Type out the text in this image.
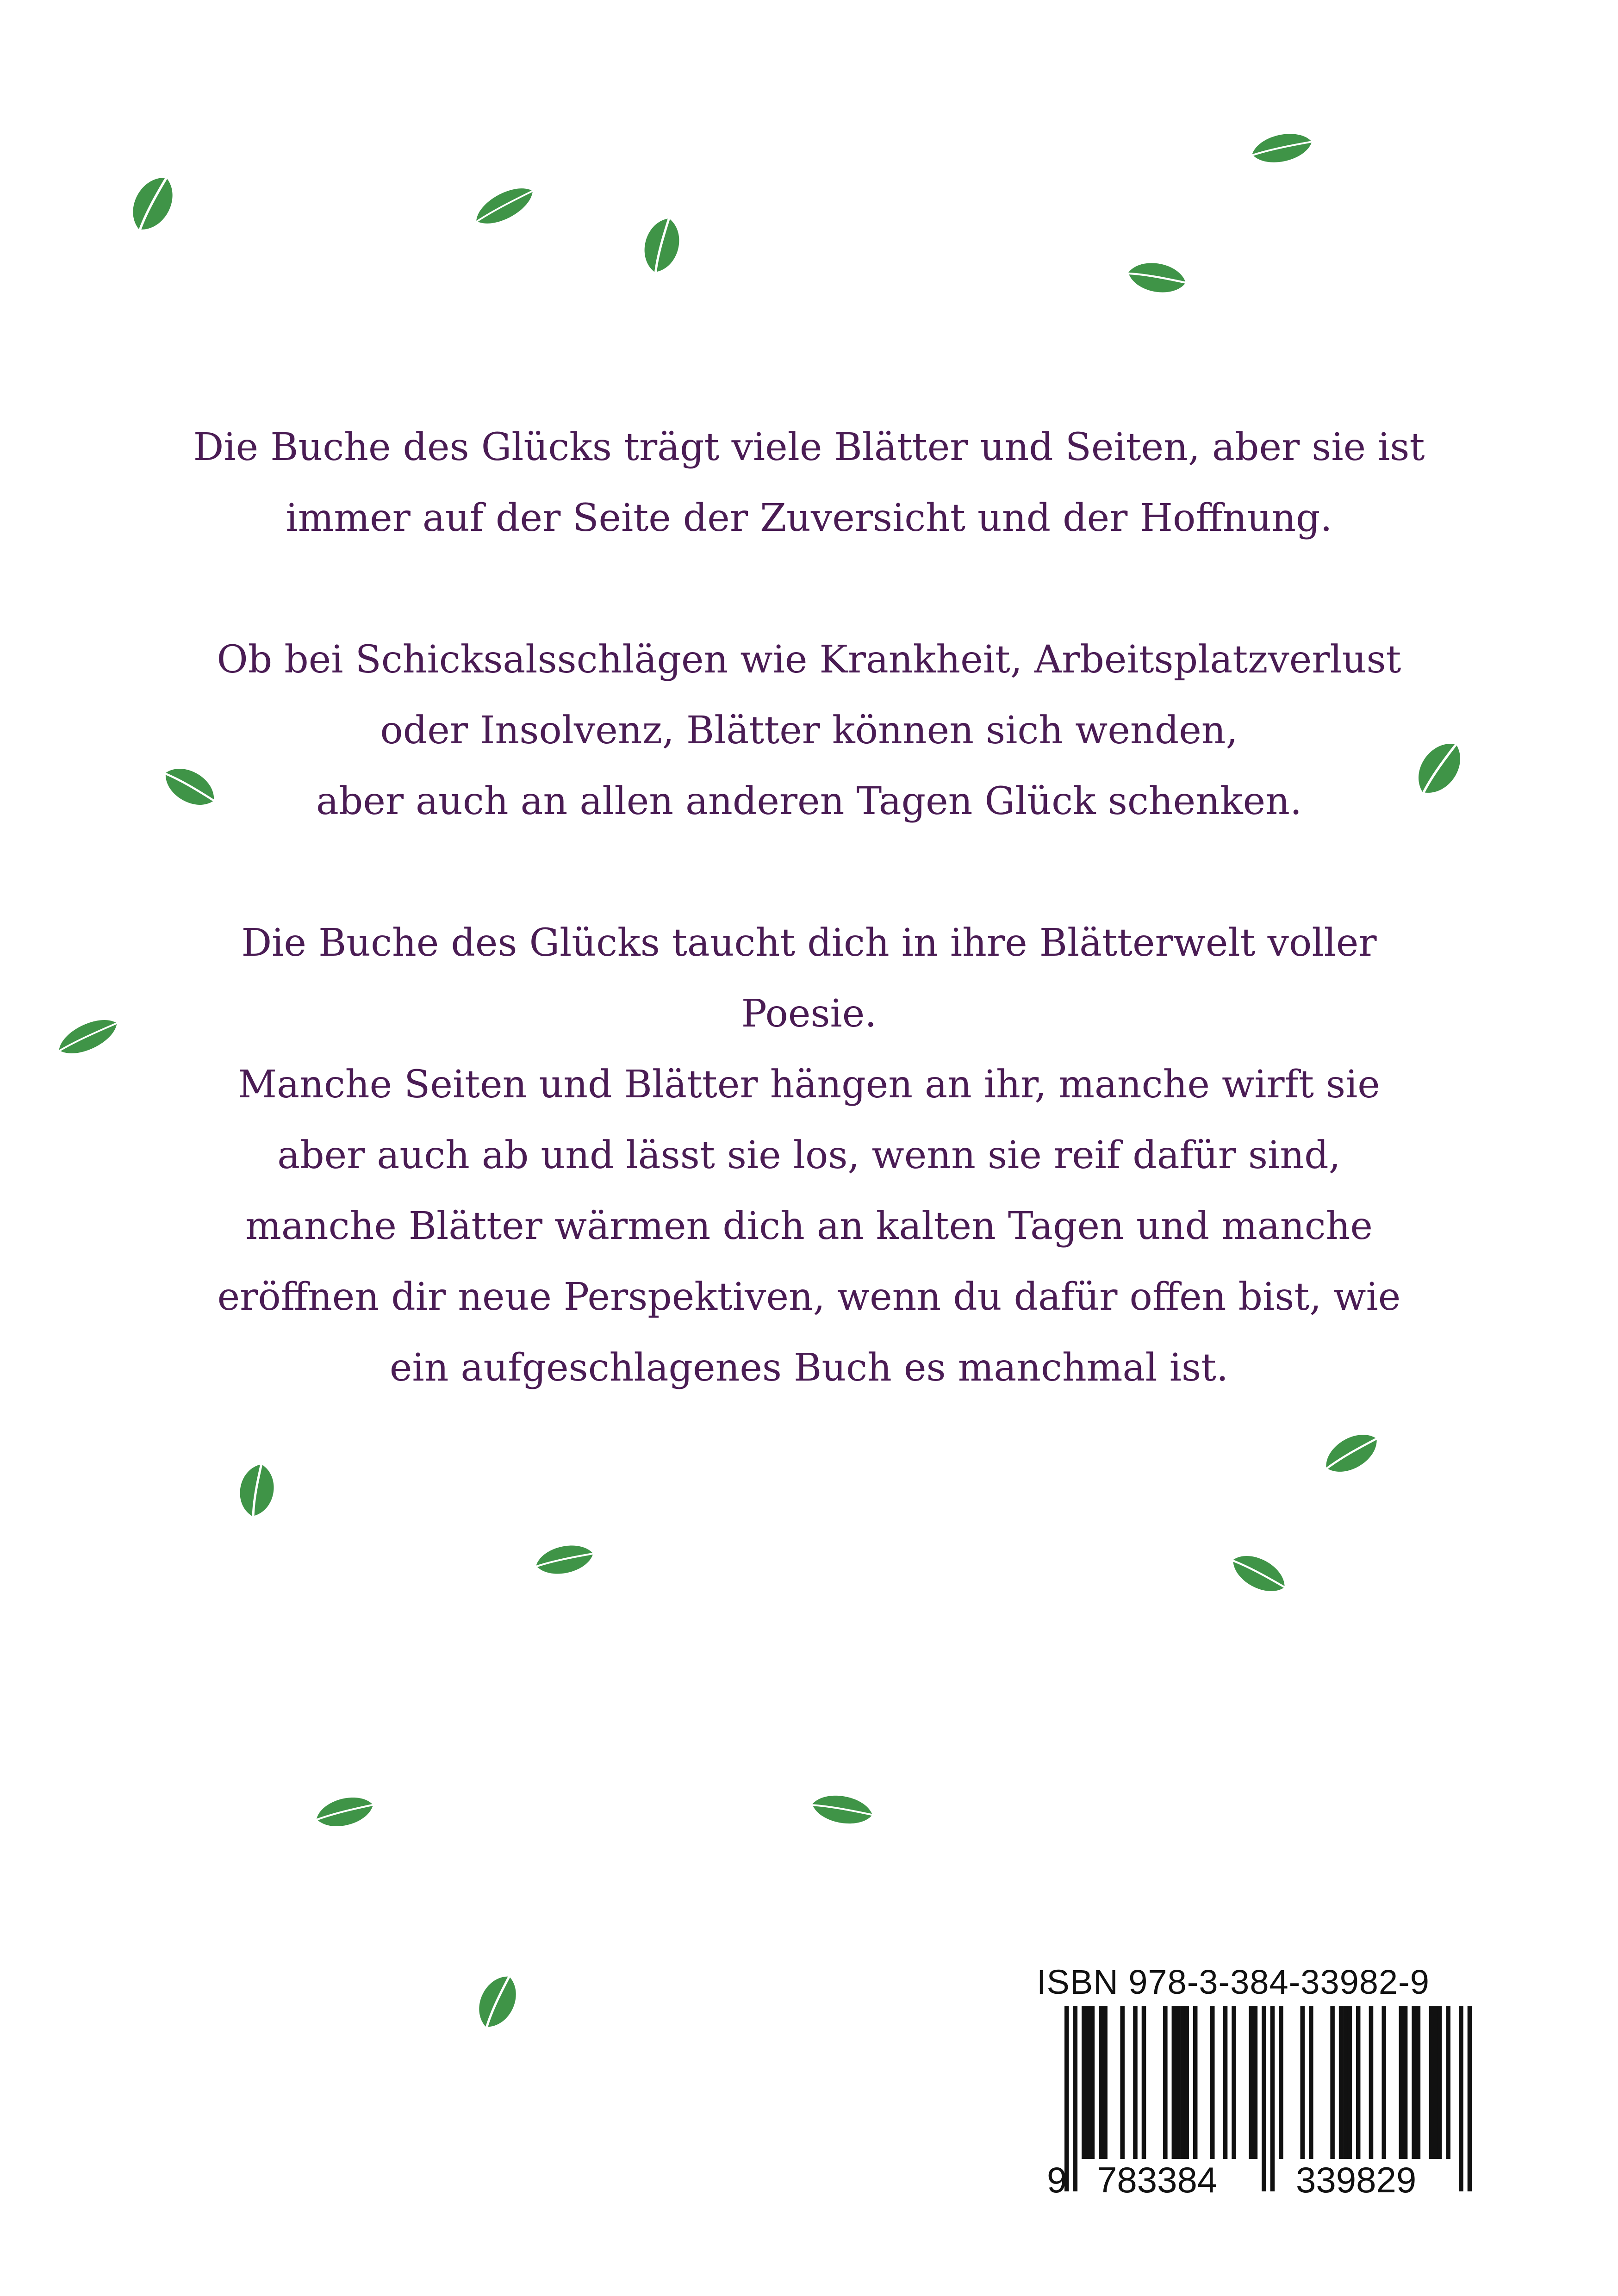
Die Buche des Glücks trägt viele Blätter und Seiten, aber sie ist
immer auf der Seite der Zuversicht und der Hoffnung.

Ob bei Schicksalsschlägen wie Krankheit, Arbeitsplatzverlust
oder Insolvenz, Blätter können sich wenden,
aber auch an allen anderen Tagen Glück schenken.

Die Buche des Glücks taucht dich in ihre Blätterwelt voller
Poesie.
Manche Seiten und Blätter hängen an ihr, manche wirft sie
aber auch ab und lässt sie los, wenn sie reif dafür sind,
manche Blätter wärmen dich an kalten Tagen und manche
eröffnen dir neue Perspektiven, wenn du dafür offen bist, wie
ein aufgeschlagenes Buch es manchmal ist.

ISBN 978-3-384-33982-9
9 783384 339829
